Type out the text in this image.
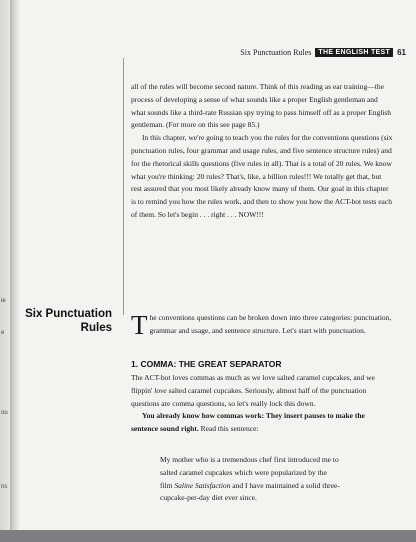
ie
e
ou
ns
Six Punctuation Rules	THE ENGLISH TEST 61

all of the rules will become second nature. Think of this reading as ear training—the process of developing a sense of what sounds like a proper English gentleman and what sounds like a third-rate Russian spy trying to pass himself off as a proper English gentleman. (For more on this see page 85.)

In this chapter, we're going to teach you the rules for the conventions questions (six punctuation rules, four grammar and usage rules, and five sentence structure rules) and for the rhetorical skills questions (five rules in all). That is a total of 20 rules. We know what you're thinking: 20 rules? That's, like, a billion rules!!! We totally get that, but rest assured that you most likely already know many of them. Our goal in this chapter is to remind you how the rules work, and then to show you how the ACT-bot tests each of them. So let's begin . . . right . . . NOW!!!

Six Punctuation
Rules The conventions questions can be broken down into three categories: punctuation, grammar and usage, and sentence structure. Let's start with punctuation.
1. COMMA: THE GREAT SEPARATOR

The ACT-bot loves commas as much as we love salted caramel cupcakes, and we flippin' love salted caramel cupcakes. Seriously, almost half of the punctuation questions are comma questions, so let's really lock this down.

You already know how commas work: They insert pauses to make the sentence sound right. Read this sentence:

My mother who is a tremendous chef first introduced me to salted caramel cupcakes which were popularized by the film Saline Satisfaction and I have maintained a solid three-cupcake-per-day diet ever since.
